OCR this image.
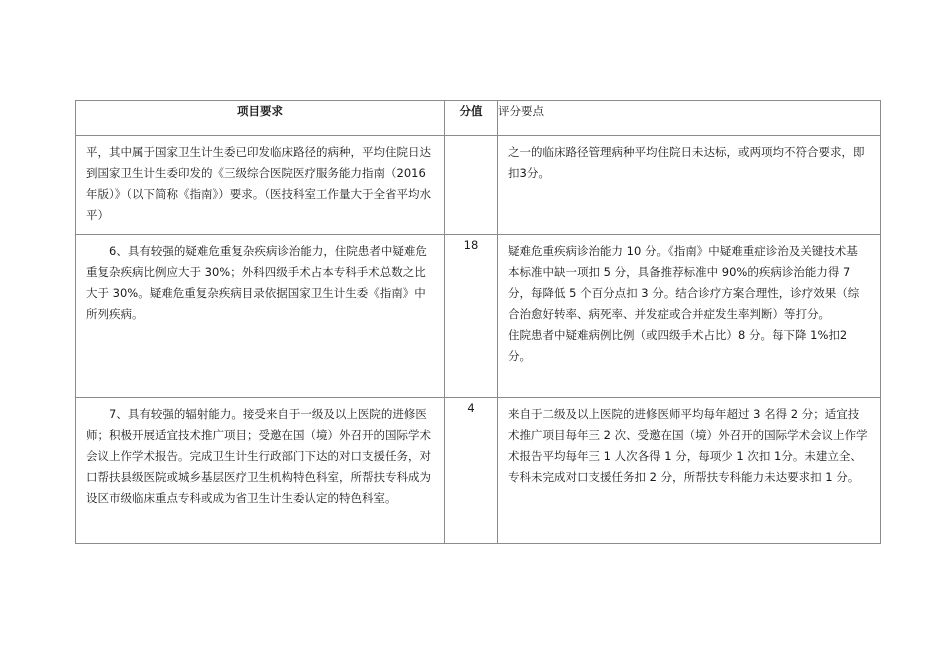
项目要求	分值	评分要点

平，其中属于国家卫生计生委已印发临床路径的病种，平均住院日达到国家卫生计生委印发的《三级综合医院医疗服务能力指南（2016年版）》（以下简称《指南》）要求。（医技科室工作量大于全省平均水平）		之一的临床路径管理病种平均住院日未达标，或两项均不符合要求，即扣3分。

6、具有较强的疑难危重复杂疾病诊治能力，住院患者中疑难危重复杂疾病比例应大于 30%；外科四级手术占本专科手术总数之比大于 30%。疑难危重复杂疾病目录依据国家卫生计生委《指南》中所列疾病。	18	疑难危重疾病诊治能力 10 分。《指南》中疑难重症诊治及关键技术基本标准中缺一项扣 5 分，具备推荐标准中 90%的疾病诊治能力得 7 分，每降低 5 个百分点扣 3 分。结合诊疗方案合理性，诊疗效果（综合治愈好转率、病死率、并发症或合并症发生率判断）等打分。
住院患者中疑难病例比例（或四级手术占比）8 分。每下降 1%扣2 分。

7、具有较强的辐射能力。接受来自于一级及以上医院的进修医师；积极开展适宜技术推广项目；受邀在国（境）外召开的国际学术会议上作学术报告。完成卫生计生行政部门下达的对口支援任务，对口帮扶县级医院或城乡基层医疗卫生机构特色科室，所帮扶专科成为设区市级临床重点专科或成为省卫生计生委认定的特色科室。	4	来自于二级及以上医院的进修医师平均每年超过 3 名得 2 分；适宜技术推广项目每年三 2 次、受邀在国（境）外召开的国际学术会议上作学术报告平均每年三 1 人次各得 1 分，每项少 1 次扣 1分。未建立全、专科未完成对口支援任务扣 2 分，所帮扶专科能力未达要求扣 1 分。
